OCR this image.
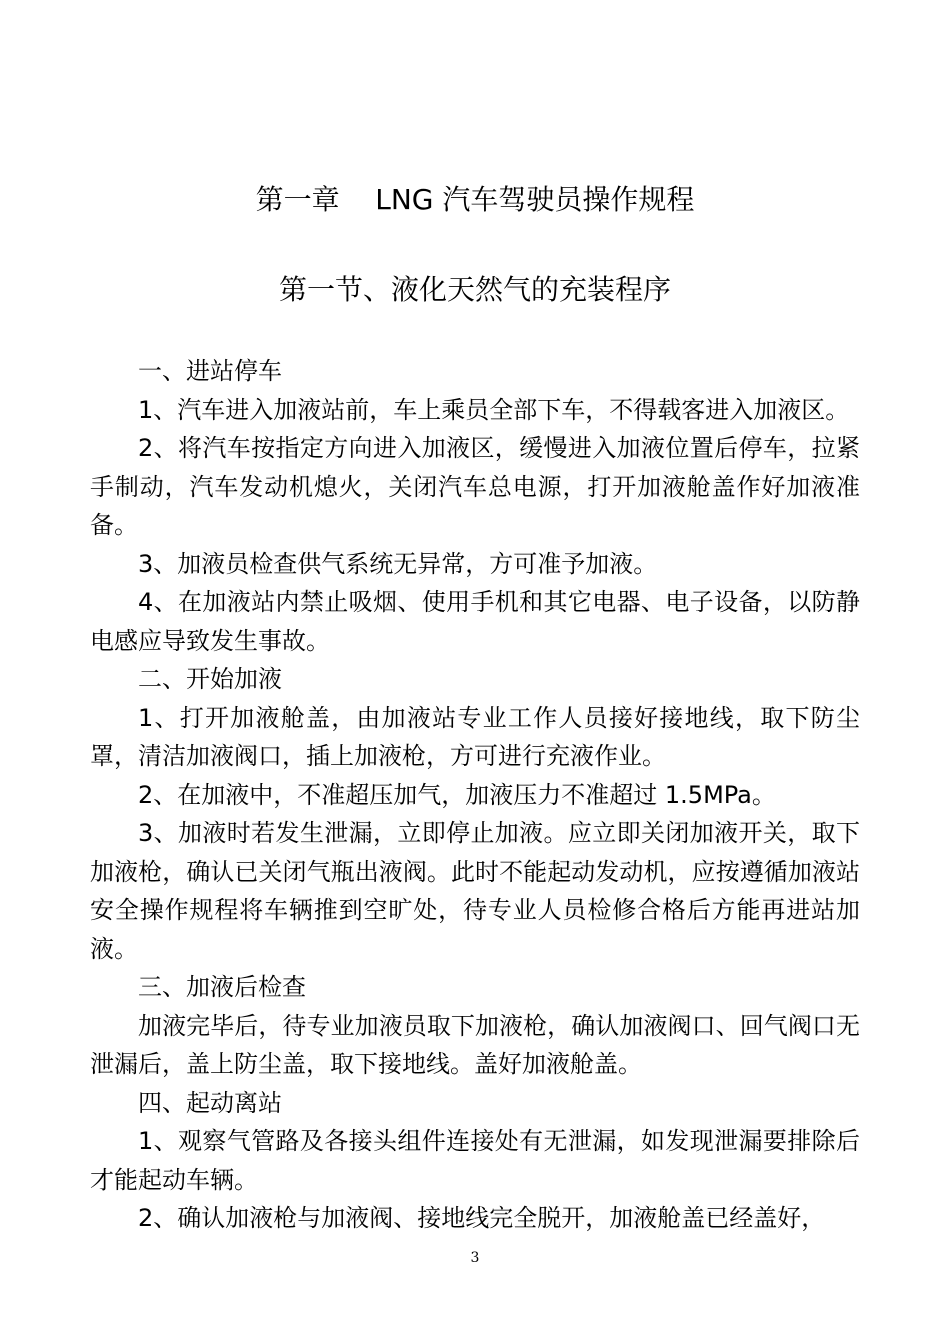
第一章    LNG 汽车驾驶员操作规程
第一节、液化天然气的充装程序

一、进站停车

1、汽车进入加液站前，车上乘员全部下车，不得载客进入加液区。

2、将汽车按指定方向进入加液区，缓慢进入加液位置后停车，拉紧手制动，汽车发动机熄火，关闭汽车总电源，打开加液舱盖作好加液准备。

3、加液员检查供气系统无异常，方可准予加液。

4、在加液站内禁止吸烟、使用手机和其它电器、电子设备，以防静电感应导致发生事故。

二、开始加液

1、打开加液舱盖，由加液站专业工作人员接好接地线，取下防尘罩，清洁加液阀口，插上加液枪，方可进行充液作业。

2、在加液中，不准超压加气，加液压力不准超过 1.5MPa。

3、加液时若发生泄漏，立即停止加液。应立即关闭加液开关，取下加液枪，确认已关闭气瓶出液阀。此时不能起动发动机，应按遵循加液站安全操作规程将车辆推到空旷处，待专业人员检修合格后方能再进站加液。

三、加液后检查

加液完毕后，待专业加液员取下加液枪，确认加液阀口、回气阀口无泄漏后，盖上防尘盖，取下接地线。盖好加液舱盖。

四、起动离站

1、观察气管路及各接头组件连接处有无泄漏，如发现泄漏要排除后才能起动车辆。

2、确认加液枪与加液阀、接地线完全脱开，加液舱盖已经盖好，

3
